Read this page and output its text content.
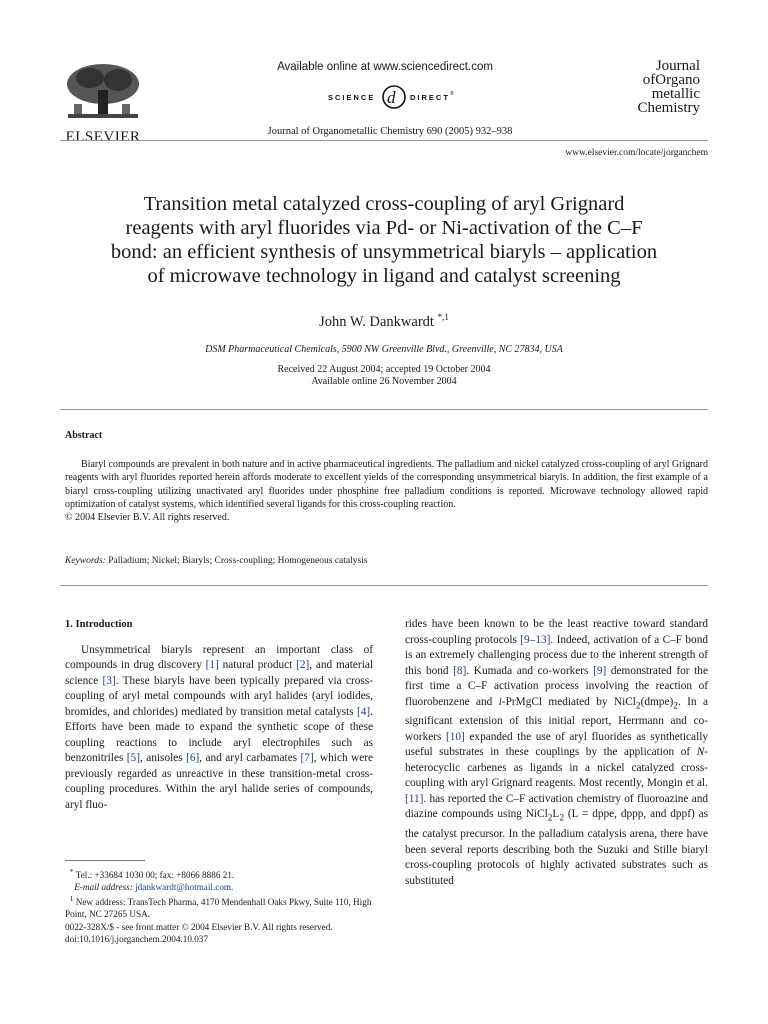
ELSEVIER
Available online at www.sciencedirect.com
SCIENCE d DIRECT ®
Journal of Organometallic Chemistry 690 (2005) 932–938
Journal
ofOrgano
metallic
Chemistry
www.elsevier.com/locate/jorganchem
Transition metal catalyzed cross-coupling of aryl Grignard
reagents with aryl fluorides via Pd- or Ni-activation of the C–F
bond: an efficient synthesis of unsymmetrical biaryls – application
of microwave technology in ligand and catalyst screening
John W. Dankwardt $^{*,1}$
DSM Pharmaceutical Chemicals, 5900 NW Greenville Blvd., Greenville, NC 27834, USA
Received 22 August 2004; accepted 19 October 2004
Available online 26 November 2004
Abstract

Biaryl compounds are prevalent in both nature and in active pharmaceutical ingredients. The palladium and nickel catalyzed cross-coupling of aryl Grignard reagents with aryl fluorides reported herein affords moderate to excellent yields of the corresponding unsymmetrical biaryls. In addition, the first example of a biaryl cross-coupling utilizing unactivated aryl fluorides under phosphine free palladium conditions is reported. Microwave technology allowed rapid optimization of catalyst systems, which identified several ligands for this cross-coupling reaction.

© 2004 Elsevier B.V. All rights reserved.

Keywords: Palladium; Nickel; Biaryls; Cross-coupling; Homogeneous catalysis
1. Introduction

Unsymmetrical biaryls represent an important class of compounds in drug discovery [1] natural product [2], and material science [3]. These biaryls have been typically prepared via cross-coupling of aryl metal compounds with aryl halides (aryl iodides, bromides, and chlorides) mediated by transition metal catalysts [4]. Efforts have been made to expand the synthetic scope of these coupling reactions to include aryl electrophiles such as benzonitriles [5], anisoles [6], and aryl carbamates [7], which were previously regarded as unreactive in these transition-metal cross-coupling procedures. Within the aryl halide series of compounds, aryl fluo-

rides have been known to be the least reactive toward standard cross-coupling protocols [9–13]. Indeed, activation of a C–F bond is an extremely challenging process due to the inherent strength of this bond [8]. Kumada and co-workers [9] demonstrated for the first time a C–F activation process involving the reaction of fluorobenzene and i-PrMgCl mediated by $NiCl_2(dmpe)_2$. In a significant extension of this initial report, Herrmann and co-workers [10] expanded the use of aryl fluorides as synthetically useful substrates in these couplings by the application of N-heterocyclic carbenes as ligands in a nickel catalyzed cross-coupling with aryl Grignard reagents. Most recently, Mongin et al. [11]. has reported the C–F activation chemistry of fluoroazine and diazine compounds using $NiCl_2L_2$ (L = dppe, dppp, and dppf) as the catalyst precursor. In the palladium catalysis arena, there have been several reports describing both the Suzuki and Stille biaryl cross-coupling protocols of highly activated substrates such as substituted

* Tel.: +33684 1030 00; fax: +8066 8886 21.
E-mail address: jdankwardt@hotmail.com.
$^1$ New address: TransTech Pharma, 4170 Mendenhall Oaks Pkwy, Suite 110, High Point, NC 27265 USA.
0022-328X/$ - see front matter © 2004 Elsevier B.V. All rights reserved.
doi:10.1016/j.jorganchem.2004.10.037
